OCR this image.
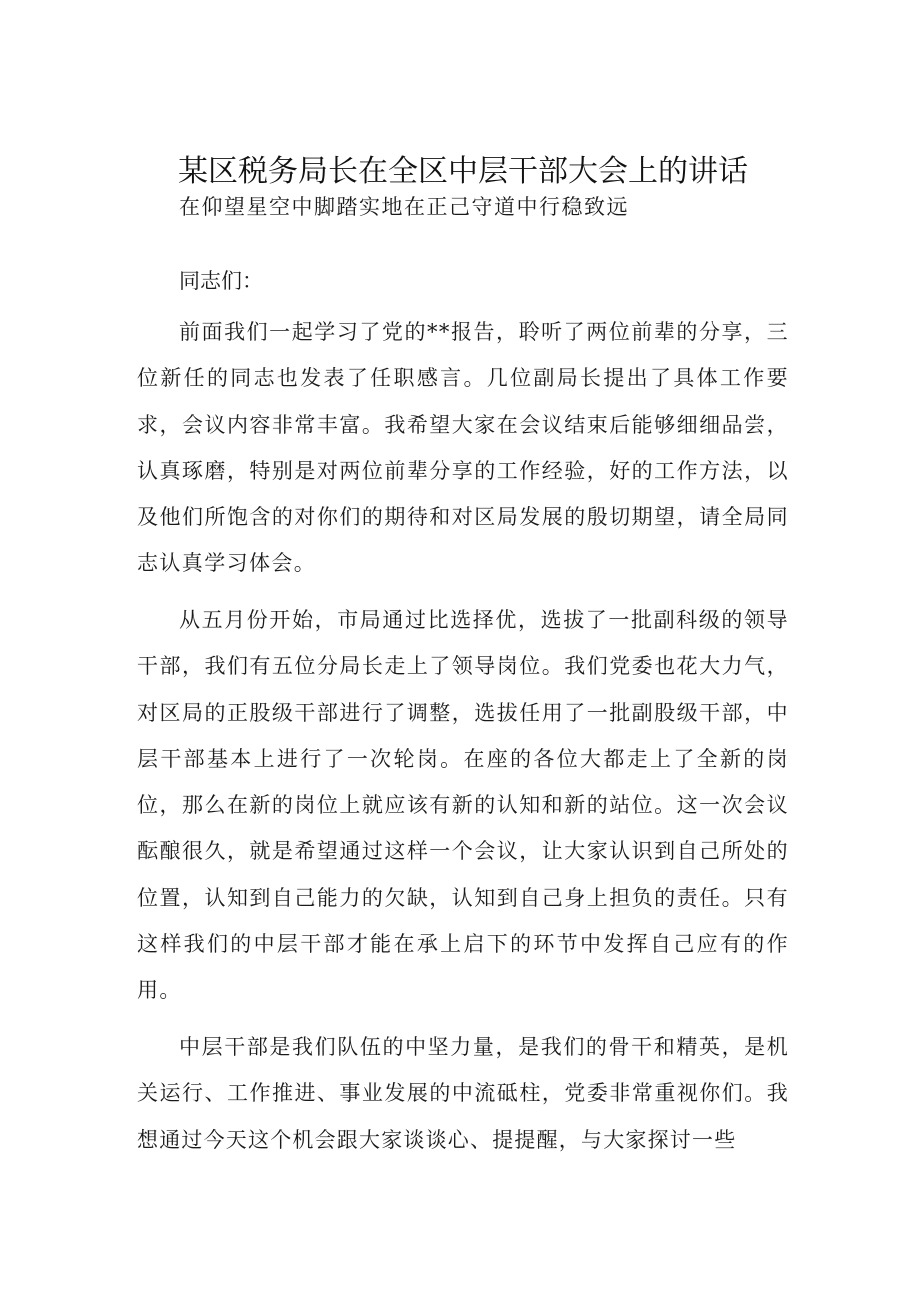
某区税务局长在全区中层干部大会上的讲话

在仰望星空中脚踏实地在正己守道中行稳致远

同志们：

前面我们一起学习了党的**报告，聆听了两位前辈的分享，三位新任的同志也发表了任职感言。几位副局长提出了具体工作要求，会议内容非常丰富。我希望大家在会议结束后能够细细品尝，认真琢磨，特别是对两位前辈分享的工作经验，好的工作方法，以及他们所饱含的对你们的期待和对区局发展的殷切期望，请全局同志认真学习体会。

从五月份开始，市局通过比选择优，选拔了一批副科级的领导干部，我们有五位分局长走上了领导岗位。我们党委也花大力气，对区局的正股级干部进行了调整，选拔任用了一批副股级干部，中层干部基本上进行了一次轮岗。在座的各位大都走上了全新的岗位，那么在新的岗位上就应该有新的认知和新的站位。这一次会议酝酿很久，就是希望通过这样一个会议，让大家认识到自己所处的位置，认知到自己能力的欠缺，认知到自己身上担负的责任。只有这样我们的中层干部才能在承上启下的环节中发挥自己应有的作用。

中层干部是我们队伍的中坚力量，是我们的骨干和精英，是机关运行、工作推进、事业发展的中流砥柱，党委非常重视你们。我想通过今天这个机会跟大家谈谈心、提提醒，与大家探讨一些
